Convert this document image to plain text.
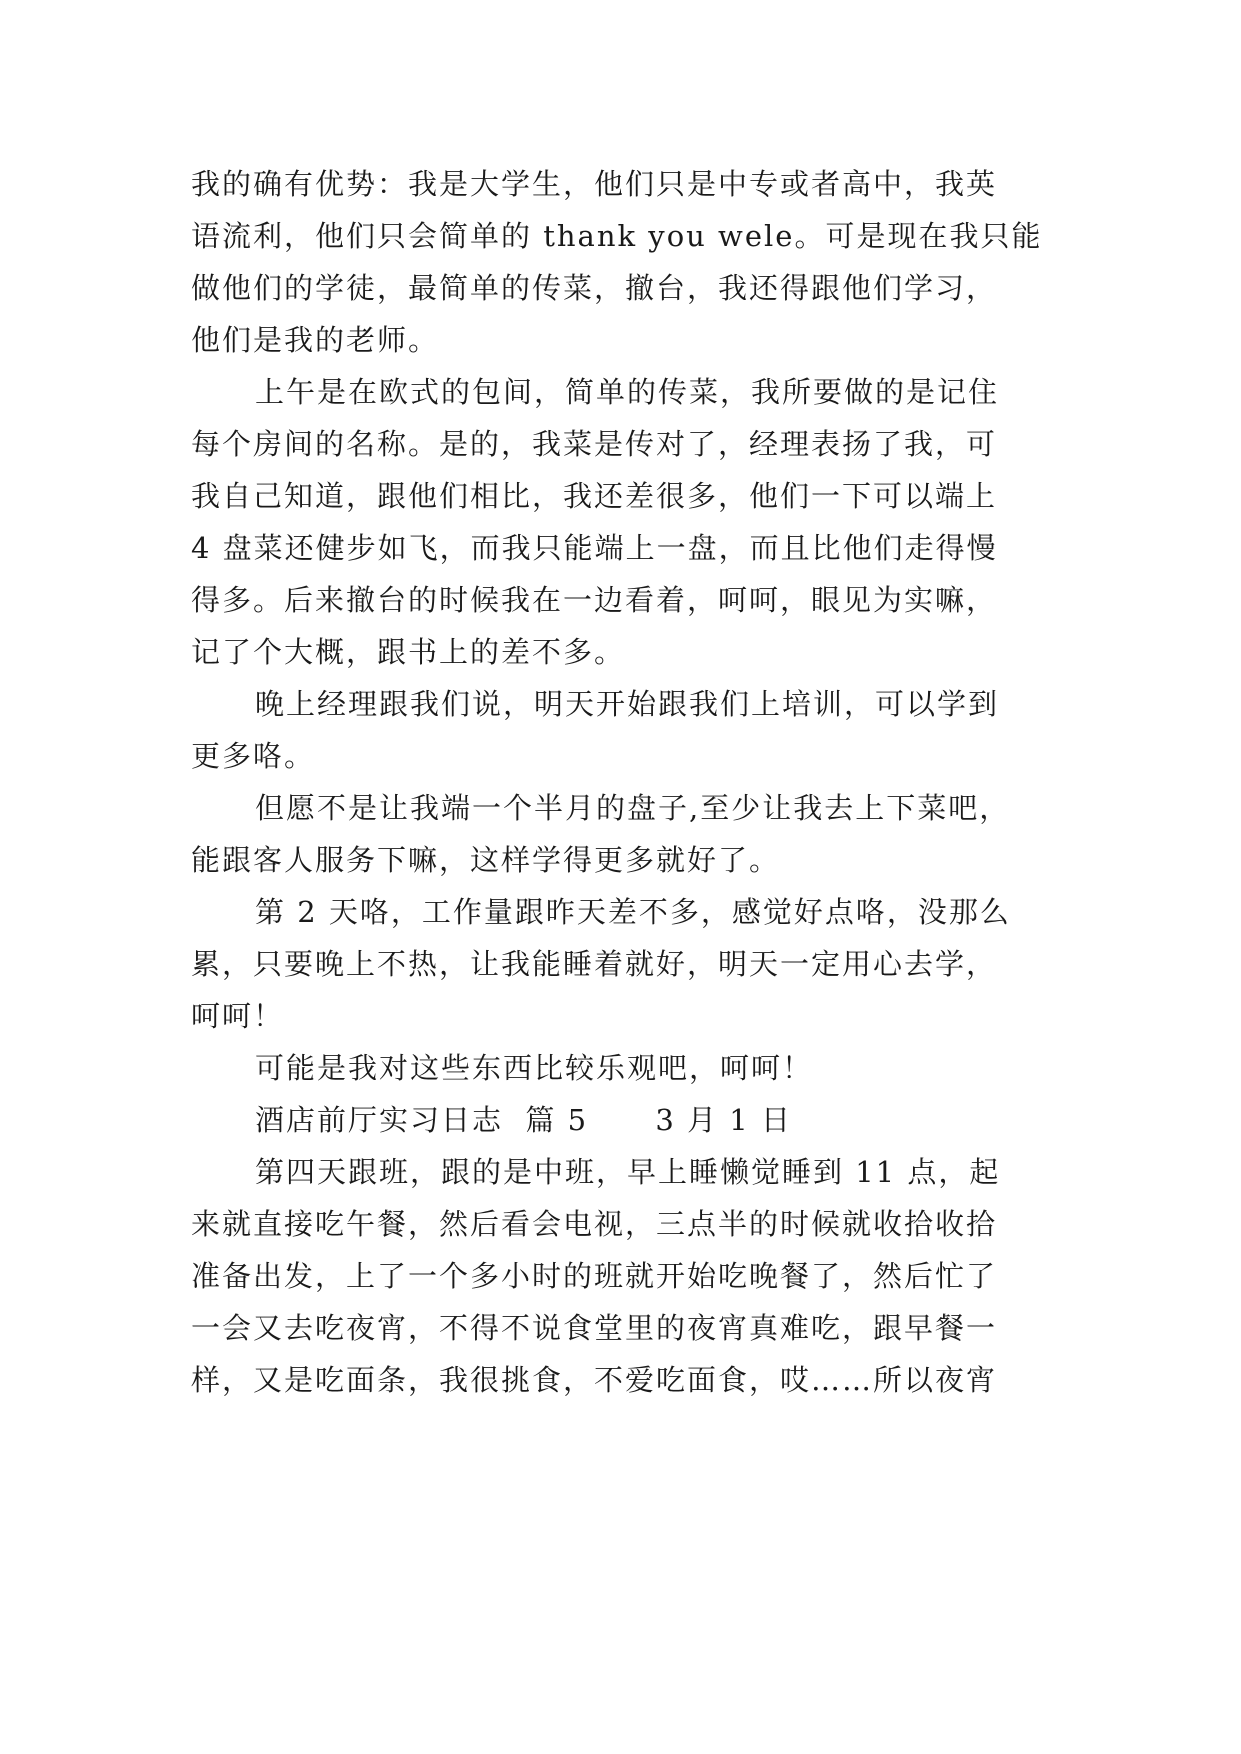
我的确有优势：我是大学生，他们只是中专或者高中，我英
语流利，他们只会简单的 thank you wele。可是现在我只能
做他们的学徒，最简单的传菜，撤台，我还得跟他们学习，
他们是我的老师。
上午是在欧式的包间，简单的传菜，我所要做的是记住
每个房间的名称。是的，我菜是传对了，经理表扬了我，可
我自己知道，跟他们相比，我还差很多，他们一下可以端上
4 盘菜还健步如飞，而我只能端上一盘，而且比他们走得慢
得多。后来撤台的时候我在一边看着，呵呵，眼见为实嘛，
记了个大概，跟书上的差不多。
晚上经理跟我们说，明天开始跟我们上培训，可以学到
更多咯。
但愿不是让我端一个半月的盘子,至少让我去上下菜吧，
能跟客人服务下嘛，这样学得更多就好了。
第 2 天咯，工作量跟昨天差不多，感觉好点咯，没那么
累，只要晚上不热，让我能睡着就好，明天一定用心去学，
呵呵！
可能是我对这些东西比较乐观吧，呵呵！
酒店前厅实习日志  篇 5      3 月 1 日
第四天跟班，跟的是中班，早上睡懒觉睡到 11 点，起
来就直接吃午餐，然后看会电视，三点半的时候就收拾收拾
准备出发，上了一个多小时的班就开始吃晚餐了，然后忙了
一会又去吃夜宵，不得不说食堂里的夜宵真难吃，跟早餐一
样，又是吃面条，我很挑食，不爱吃面食，哎……所以夜宵
